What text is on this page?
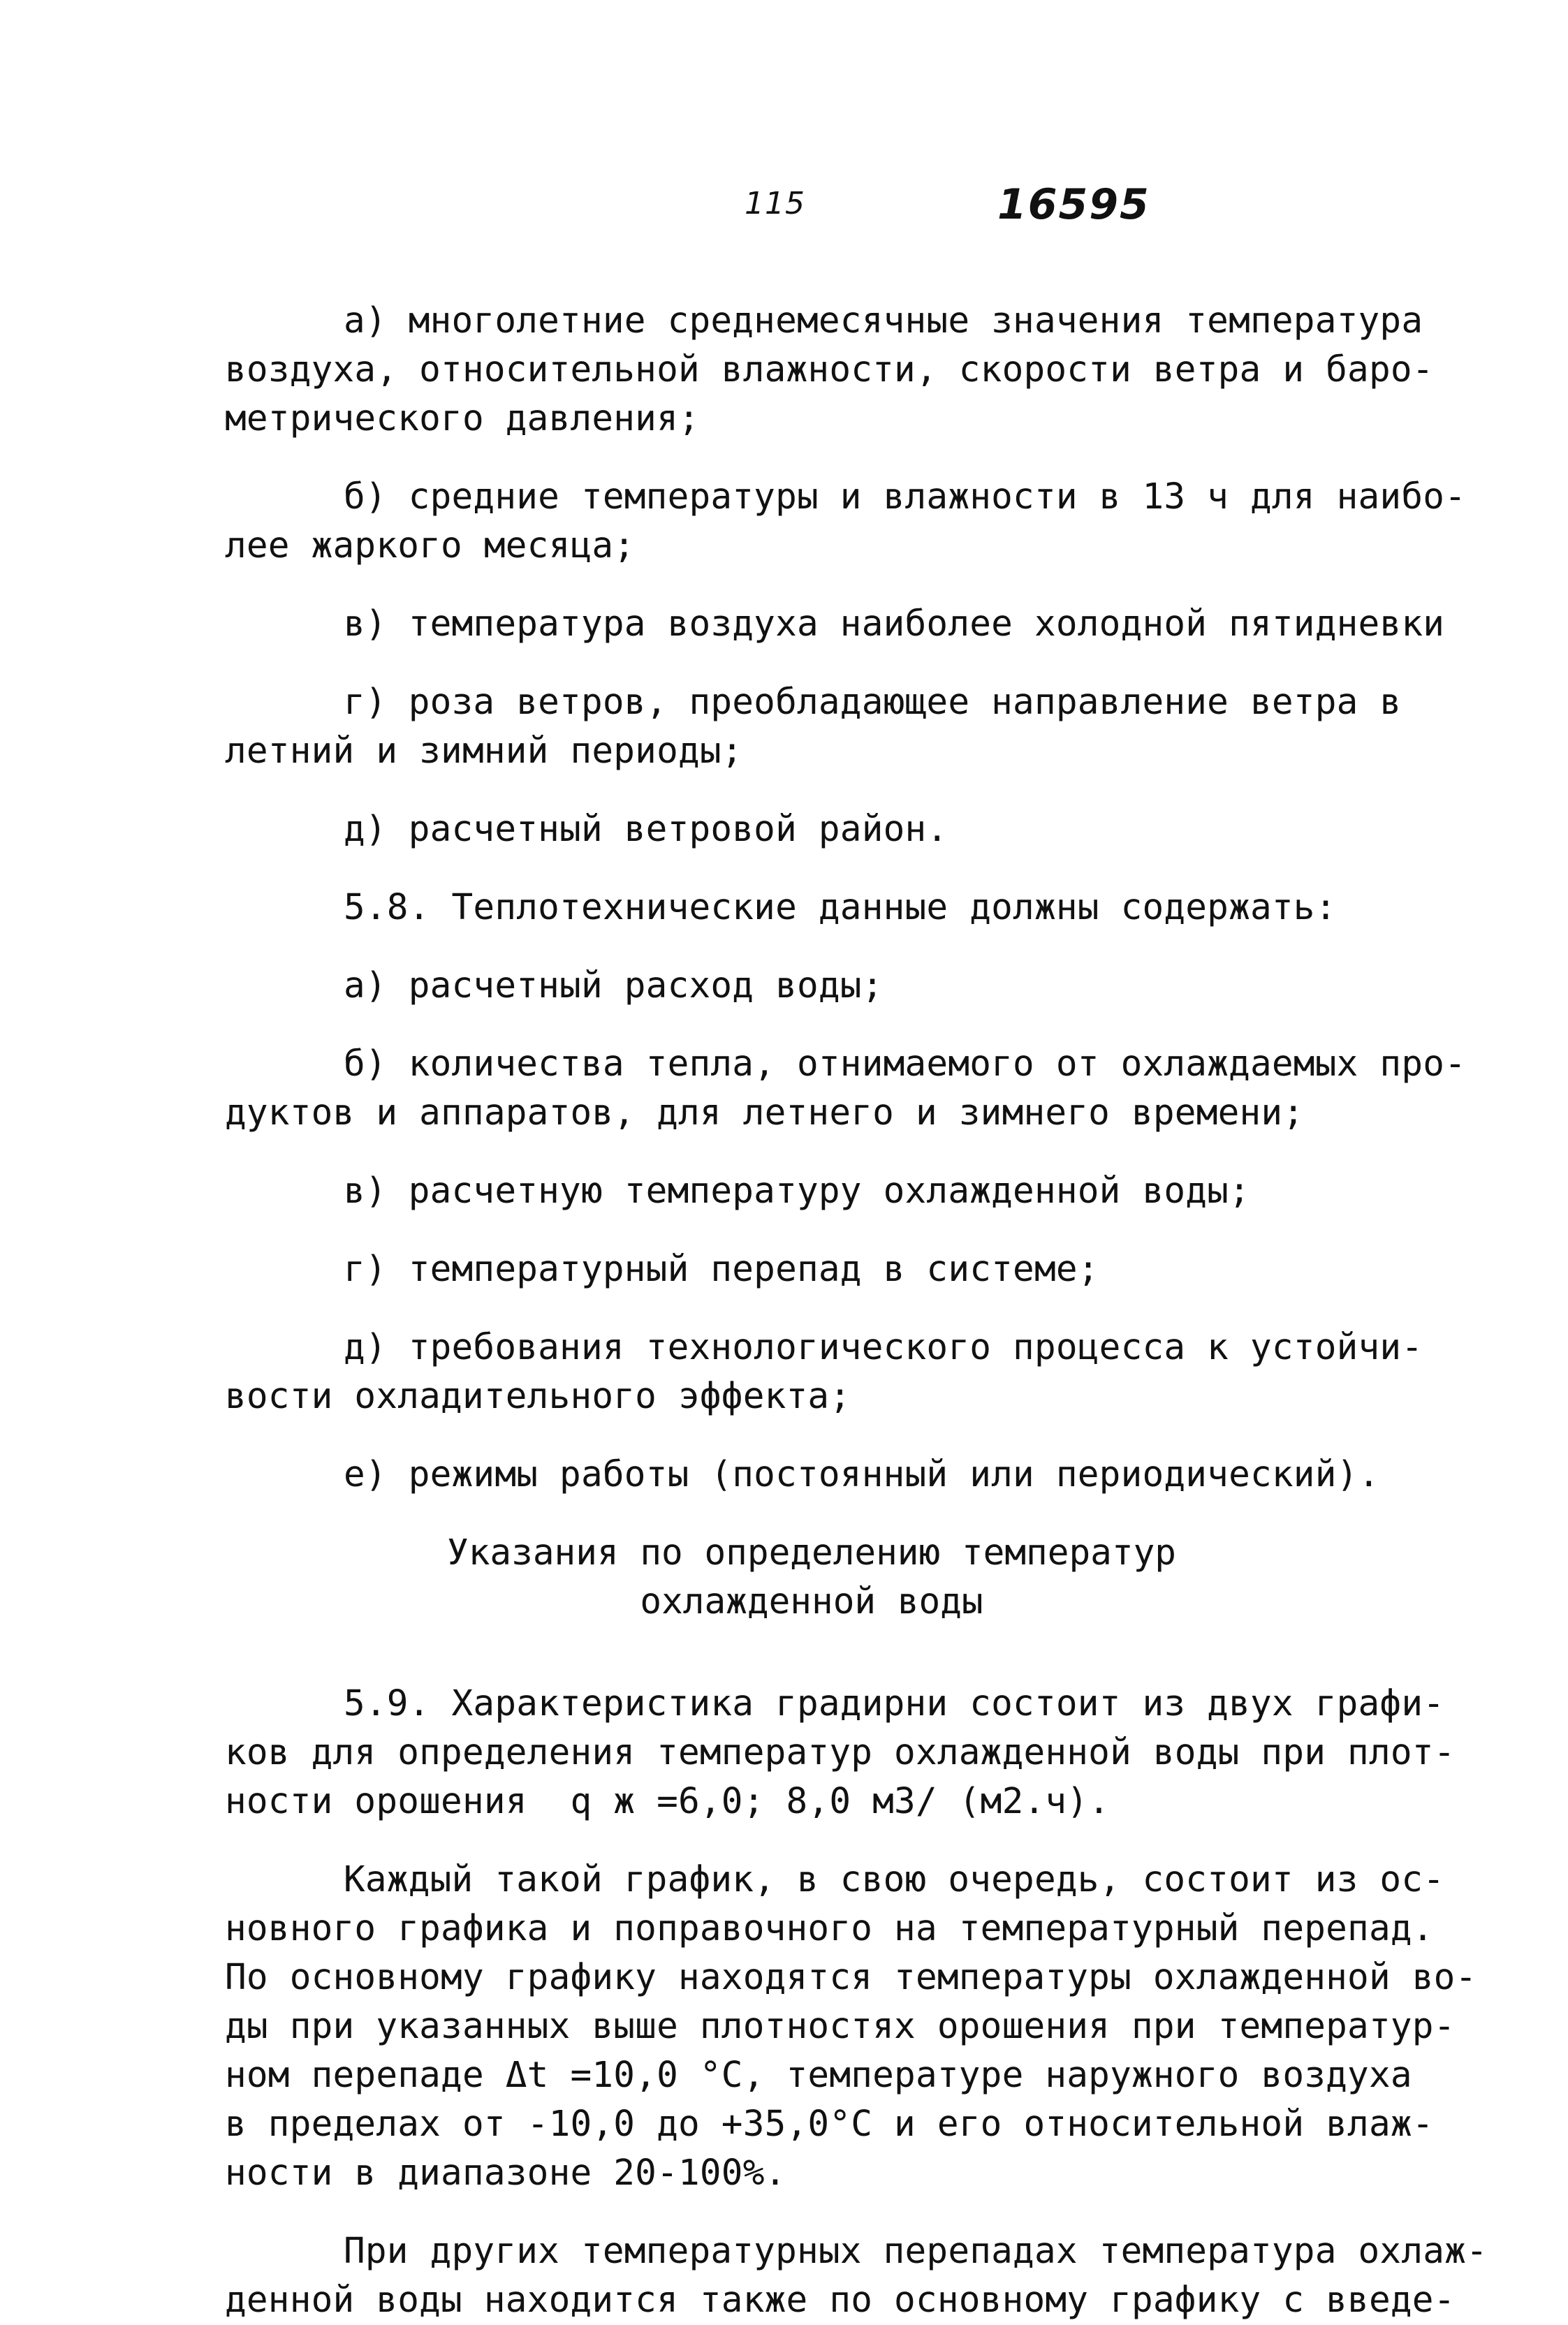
115	16595
а) многолетние среднемесячные значения температура
воздуха, относительной влажности, скорости ветра и баро-
метрического давления;
б) средние температуры и влажности в 13 ч для наибо-
лее жаркого месяца;
в) температура воздуха наиболее холодной пятидневки
г) роза ветров, преобладающее направление ветра в
летний и зимний периоды;
д) расчетный ветровой район.
5.8. Теплотехнические данные должны содержать:
а) расчетный расход воды;
б) количества тепла, отнимаемого от охлаждаемых про-
дуктов и аппаратов, для летнего и зимнего времени;
в) расчетную температуру охлажденной воды;
г) температурный перепад в системе;
д) требования технологического процесса к устойчи-
вости охладительного эффекта;
е) режимы работы (постоянный или периодический).
Указания по определению температур
охлажденной воды
5.9. Характеристика градирни состоит из двух графи-
ков для определения температур охлажденной воды при плот-
ности орошения  q ж =6,0; 8,0 м3/ (м2.ч).
Каждый такой график, в свою очередь, состоит из ос-
новного графика и поправочного на температурный перепад.
По основному графику находятся температуры охлажденной во-
ды при указанных выше плотностях орошения при температур-
ном перепаде Δt =10,0 °C, температуре наружного воздуха
в пределах от -10,0 до +35,0°C и его относительной влаж-
ности в диапазоне 20-100%.
При других температурных перепадах температура охлаж-
денной воды находится также по основному графику с введе-
